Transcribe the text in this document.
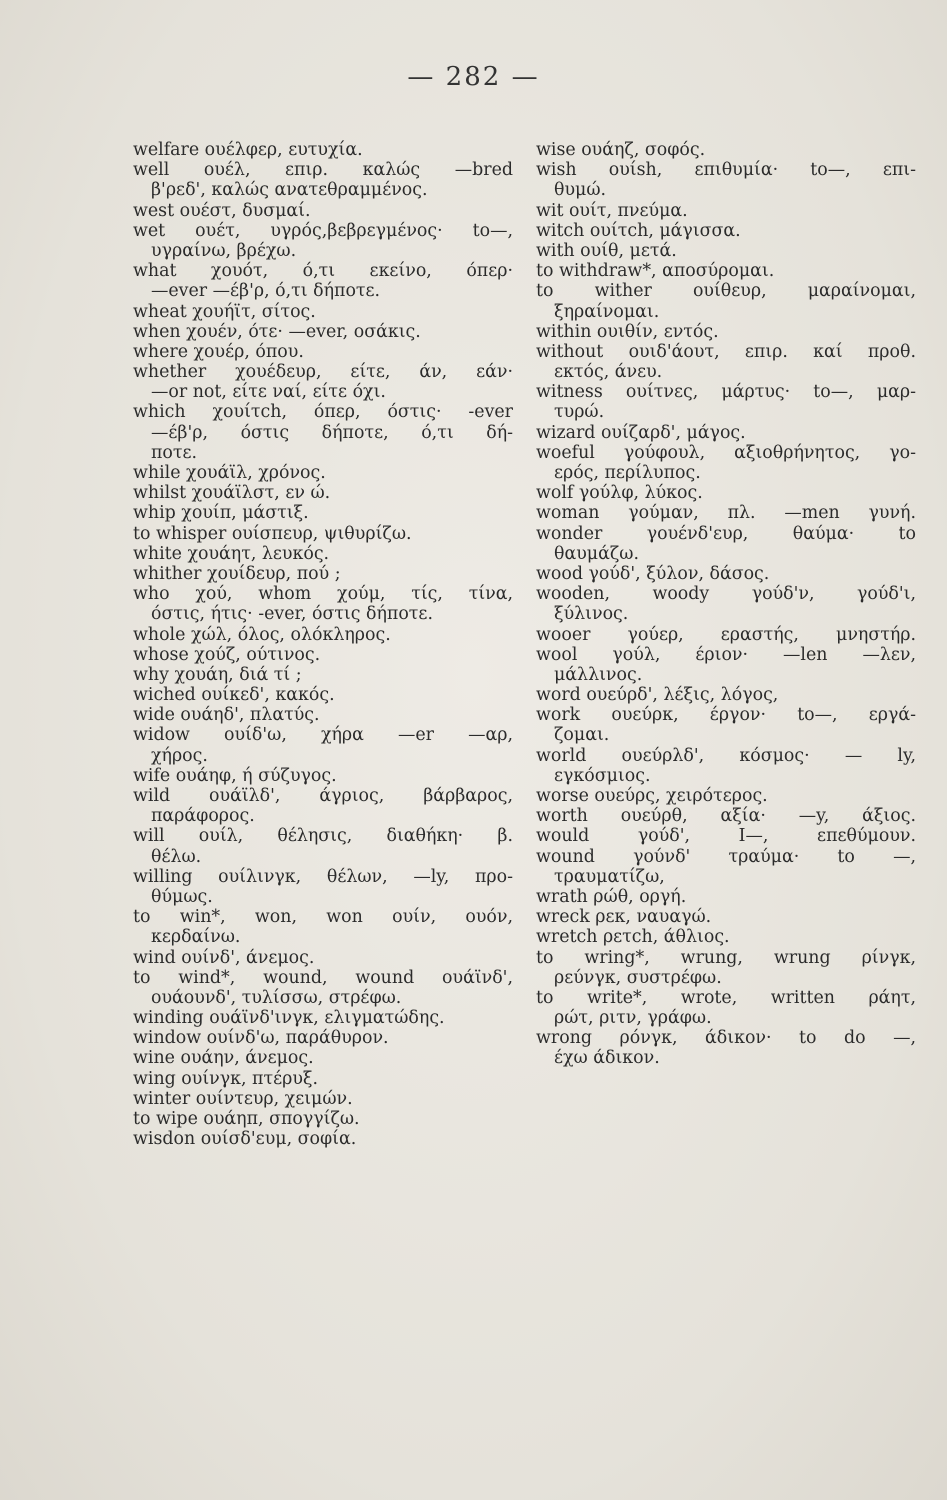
— 282 —
welfare ουέλφερ, ευτυχία.
well ουέλ, επιρ. καλώς —bred
β'ρεδ', καλώς ανατεθραμμένος.
west ουέστ, δυσμαί.
wet ουέτ, υγρός,βεβρεγμένος· to—,
υγραίνω, βρέχω.
what χουότ, ό,τι εκείνο, όπερ·
—ever —έβ'ρ, ό,τι δήποτε.
wheat χουήϊτ, σίτος.
when χουέν, ότε· —ever, οσάκις.
where χουέρ, όπου.
whether χουέδευρ, είτε, άν, εάν·
—or not, είτε ναί, είτε όχι.
which χουίτch, όπερ, όστις· -ever
—έβ'ρ, όστις δήποτε, ό,τι δή-
ποτε.
while χουάϊλ, χρόνος.
whilst χουάϊλστ, εν ώ.
whip χουίπ, μάστιξ.
to whisper ουίσπευρ, ψιθυρίζω.
white χουάητ, λευκός.
whither χουίδευρ, πού ;
who χού, whom χούμ, τίς, τίνα,
όστις, ήτις· -ever, όστις δήποτε.
whole χώλ, όλος, ολόκληρος.
whose χούζ, ούτινος.
why χουάη, διά τί ;
wiched ουίκεδ', κακός.
wide ουάηδ', πλατύς.
widow ουίδ'ω, χήρα —er —αρ,
χήρος.
wife ουάηφ, ή σύζυγος.
wild ουάϊλδ', άγριος, βάρβαρος,
παράφορος.
will ουίλ, θέλησις, διαθήκη· β.
θέλω.
willing ουίλινγκ, θέλων, —ly, προ-
θύμως.
to win*, won, won ουίν, ουόν,
κερδαίνω.
wind ουίνδ', άνεμος.
to wind*, wound, wound ουάϊνδ',
ουάουνδ', τυλίσσω, στρέφω.
winding ουάϊνδ'ινγκ, ελιγματώδης.
window ουίνδ'ω, παράθυρον.
wine ουάην, άνεμος.
wing ουίνγκ, πτέρυξ.
winter ουίντευρ, χειμών.
to wipe ουάηπ, σπογγίζω.
wisdon ουίσδ'ευμ, σοφία.
wise ουάηζ, σοφός.
wish ουίsh, επιθυμία· to—, επι-
θυμώ.
wit ουίτ, πνεύμα.
witch ουίτch, μάγισσα.
with ουίθ, μετά.
to withdraw*, αποσύρομαι.
to wither ουίθευρ, μαραίνομαι,
ξηραίνομαι.
within ουιθίν, εντός.
without ουιδ'άουτ, επιρ. καί προθ.
εκτός, άνευ.
witness ουίτνες, μάρτυς· to—, μαρ-
τυρώ.
wizard ουίζαρδ', μάγος.
woeful γούφουλ, αξιοθρήνητος, γο-
ερός, περίλυπος.
wolf γούλφ, λύκος.
woman γούμαν, πλ. —men γυνή.
wonder γουένδ'ευρ, θαύμα· to
θαυμάζω.
wood γούδ', ξύλον, δάσος.
wooden, woody γούδ'ν, γούδ'ι,
ξύλινος.
wooer γούερ, εραστής, μνηστήρ.
wool γούλ, έριον· —len —λεν,
μάλλινος.
word ουεύρδ', λέξις, λόγος,
work ουεύρκ, έργον· to—, εργά-
ζομαι.
world ουεύρλδ', κόσμος· — ly,
εγκόσμιος.
worse ουεύρς, χειρότερος.
worth ουεύρθ, αξία· —y, άξιος.
would γούδ', I—, επεθύμουν.
wound γούνδ' τραύμα· to —,
τραυματίζω,
wrath ρώθ, οργή.
wreck ρεκ, ναυαγώ.
wretch ρετch, άθλιος.
to wring*, wrung, wrung ρίνγκ,
ρεύνγκ, συστρέφω.
to write*, wrote, written ράητ,
ρώτ, ριτν, γράφω.
wrong ρόνγκ, άδικον· to do —,
έχω άδικον.
